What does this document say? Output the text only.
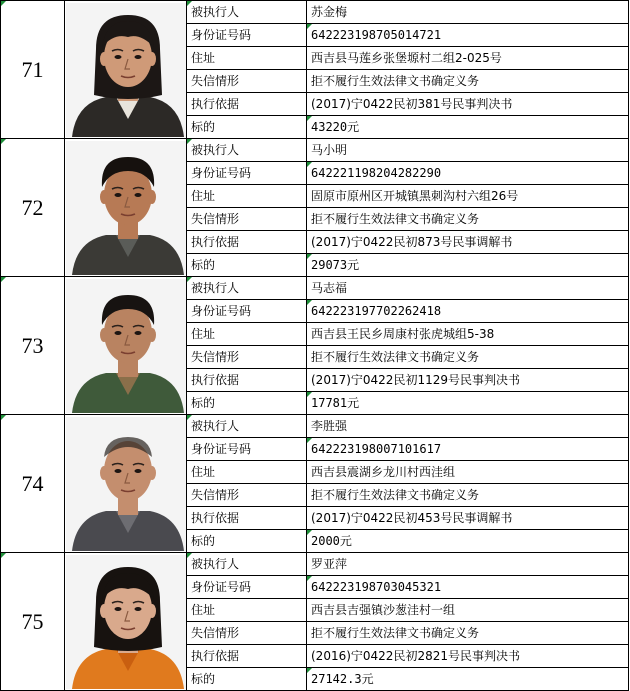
71		被执行人	苏金梅
		身份证号码	642223198705014721
		住址	西吉县马莲乡张堡塬村二组2-025号
		失信情形	拒不履行生效法律文书确定义务
		执行依据	(2017)宁0422民初381号民事判决书
		标的	43220元
72		被执行人	马小明
		身份证号码	642221198204282290
		住址	固原市原州区开城镇黑刺沟村六组26号
		失信情形	拒不履行生效法律文书确定义务
		执行依据	(2017)宁0422民初873号民事调解书
		标的	29073元
73		被执行人	马志福
		身份证号码	642223197702262418
		住址	西吉县王民乡周康村张虎城组5-38
		失信情形	拒不履行生效法律文书确定义务
		执行依据	(2017)宁0422民初1129号民事判决书
		标的	17781元
74		被执行人	李胜强
		身份证号码	642223198007101617
		住址	西吉县震湖乡龙川村西洼组
		失信情形	拒不履行生效法律文书确定义务
		执行依据	(2017)宁0422民初453号民事调解书
		标的	2000元
75		被执行人	罗亚萍
		身份证号码	642223198703045321
		住址	西吉县吉强镇沙葱洼村一组
		失信情形	拒不履行生效法律文书确定义务
		执行依据	(2016)宁0422民初2821号民事判决书
		标的	27142.3元
